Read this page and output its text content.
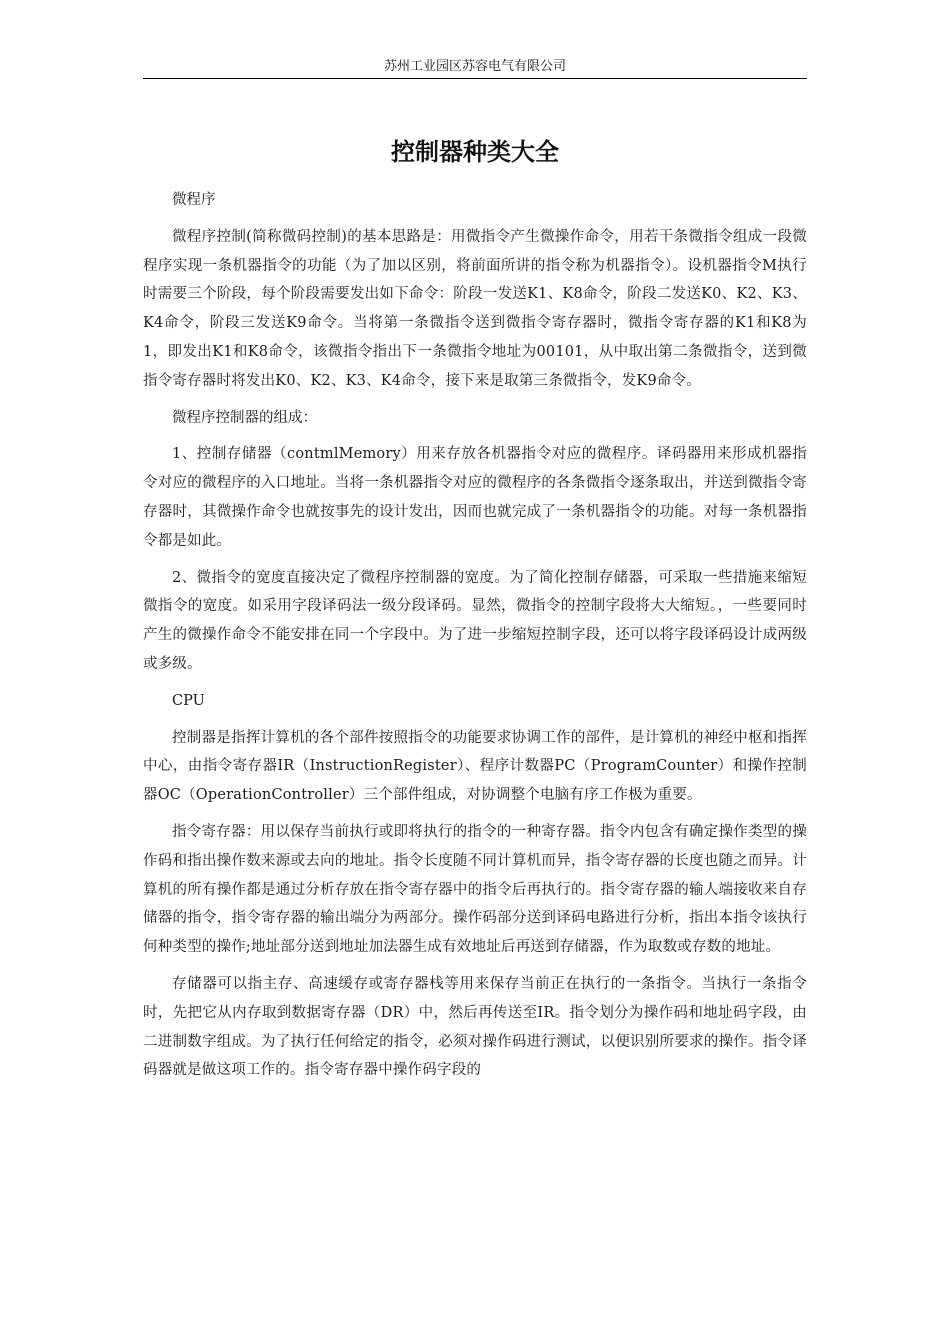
苏州工业园区苏容电气有限公司
控制器种类大全

微程序

微程序控制(简称微码控制)的基本思路是：用微指令产生微操作命令，用若干条微指令组成一段微程序实现一条机器指令的功能（为了加以区别，将前面所讲的指令称为机器指令）。设机器指令M执行时需要三个阶段，每个阶段需要发出如下命令：阶段一发送K1、K8命令，阶段二发送K0、K2、K3、K4命令，阶段三发送K9命令。当将第一条微指令送到微指令寄存器时，微指令寄存器的K1和K8为1，即发出K1和K8命令，该微指令指出下一条微指令地址为00101，从中取出第二条微指令，送到微指令寄存器时将发出K0、K2、K3、K4命令，接下来是取第三条微指令，发K9命令。

微程序控制器的组成：

1、控制存储器（contmlMemory）用来存放各机器指令对应的微程序。译码器用来形成机器指令对应的微程序的入口地址。当将一条机器指令对应的微程序的各条微指令逐条取出，并送到微指令寄存器时，其微操作命令也就按事先的设计发出，因而也就完成了一条机器指令的功能。对每一条机器指令都是如此。

2、微指令的宽度直接决定了微程序控制器的宽度。为了简化控制存储器，可采取一些措施来缩短微指令的宽度。如采用字段译码法一级分段译码。显然，微指令的控制字段将大大缩短。，一些要同时产生的微操作命令不能安排在同一个字段中。为了进一步缩短控制字段，还可以将字段译码设计成两级或多级。

CPU

控制器是指挥计算机的各个部件按照指令的功能要求协调工作的部件，是计算机的神经中枢和指挥中心，由指令寄存器IR（InstructionRegister）、程序计数器PC（ProgramCounter）和操作控制器OC（OperationController）三个部件组成，对协调整个电脑有序工作极为重要。

指令寄存器：用以保存当前执行或即将执行的指令的一种寄存器。指令内包含有确定操作类型的操作码和指出操作数来源或去向的地址。指令长度随不同计算机而异，指令寄存器的长度也随之而异。计算机的所有操作都是通过分析存放在指令寄存器中的指令后再执行的。指令寄存器的输人端接收来自存储器的指令，指令寄存器的输出端分为两部分。操作码部分送到译码电路进行分析，指出本指令该执行何种类型的操作;地址部分送到地址加法器生成有效地址后再送到存储器，作为取数或存数的地址。

存储器可以指主存、高速缓存或寄存器栈等用来保存当前正在执行的一条指令。当执行一条指令时，先把它从内存取到数据寄存器（DR）中，然后再传送至IR。指令划分为操作码和地址码字段，由二进制数字组成。为了执行任何给定的指令，必须对操作码进行测试，以便识别所要求的操作。指令译码器就是做这项工作的。指令寄存器中操作码字段的
